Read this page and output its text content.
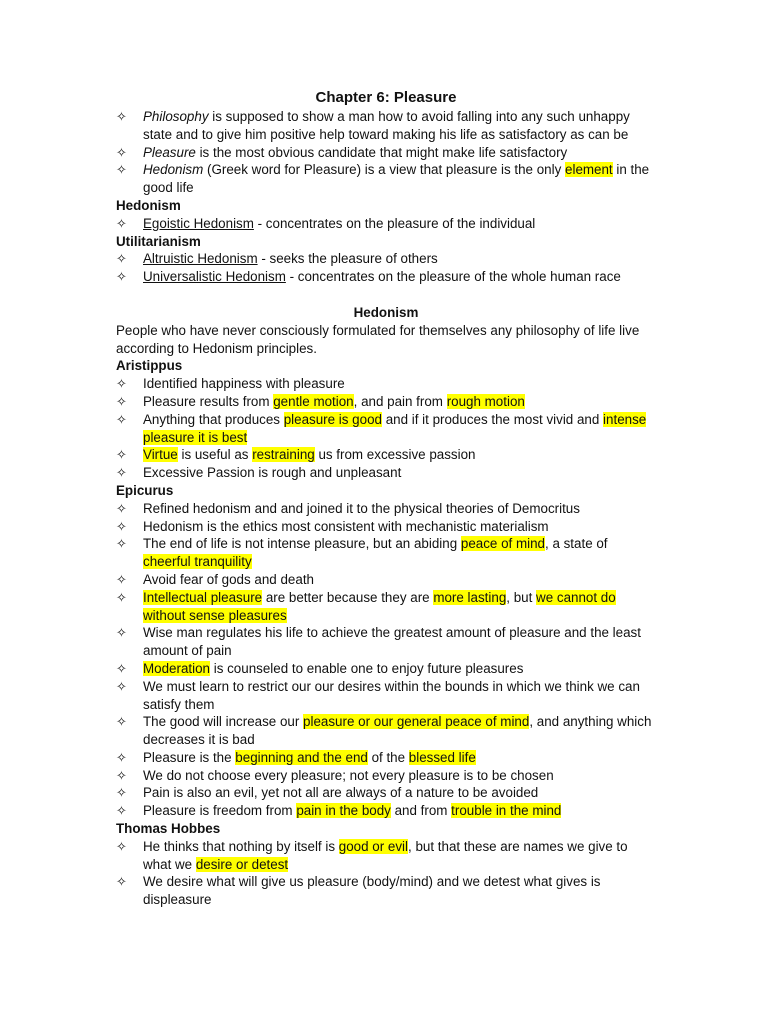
Chapter 6: Pleasure
✧ Philosophy is supposed to show a man how to avoid falling into any such unhappy state and to give him positive help toward making his life as satisfactory as can be
✧ Pleasure is the most obvious candidate that might make life satisfactory
✧ Hedonism (Greek word for Pleasure) is a view that pleasure is the only element in the good life
Hedonism
✧ Egoistic Hedonism - concentrates on the pleasure of the individual
Utilitarianism
✧ Altruistic Hedonism - seeks the pleasure of others
✧ Universalistic Hedonism - concentrates on the pleasure of the whole human race
Hedonism
People who have never consciously formulated for themselves any philosophy of life live according to Hedonism principles.
Aristippus
✧ Identified happiness with pleasure
✧ Pleasure results from gentle motion, and pain from rough motion
✧ Anything that produces pleasure is good and if it produces the most vivid and intense pleasure it is best
✧ Virtue is useful as restraining us from excessive passion
✧ Excessive Passion is rough and unpleasant
Epicurus
✧ Refined hedonism and and joined it to the physical theories of Democritus
✧ Hedonism is the ethics most consistent with mechanistic materialism
✧ The end of life is not intense pleasure, but an abiding peace of mind, a state of cheerful tranquility
✧ Avoid fear of gods and death
✧ Intellectual pleasure are better because they are more lasting, but we cannot do without sense pleasures
✧ Wise man regulates his life to achieve the greatest amount of pleasure and the least amount of pain
✧ Moderation is counseled to enable one to enjoy future pleasures
✧ We must learn to restrict our our desires within the bounds in which we think we can satisfy them
✧ The good will increase our pleasure or our general peace of mind, and anything which decreases it is bad
✧ Pleasure is the beginning and the end of the blessed life
✧ We do not choose every pleasure; not every pleasure is to be chosen
✧ Pain is also an evil, yet not all are always of a nature to be avoided
✧ Pleasure is freedom from pain in the body and from trouble in the mind
Thomas Hobbes
✧ He thinks that nothing by itself is good or evil, but that these are names we give to what we desire or detest
✧ We desire what will give us pleasure (body/mind) and we detest what gives is displeasure
